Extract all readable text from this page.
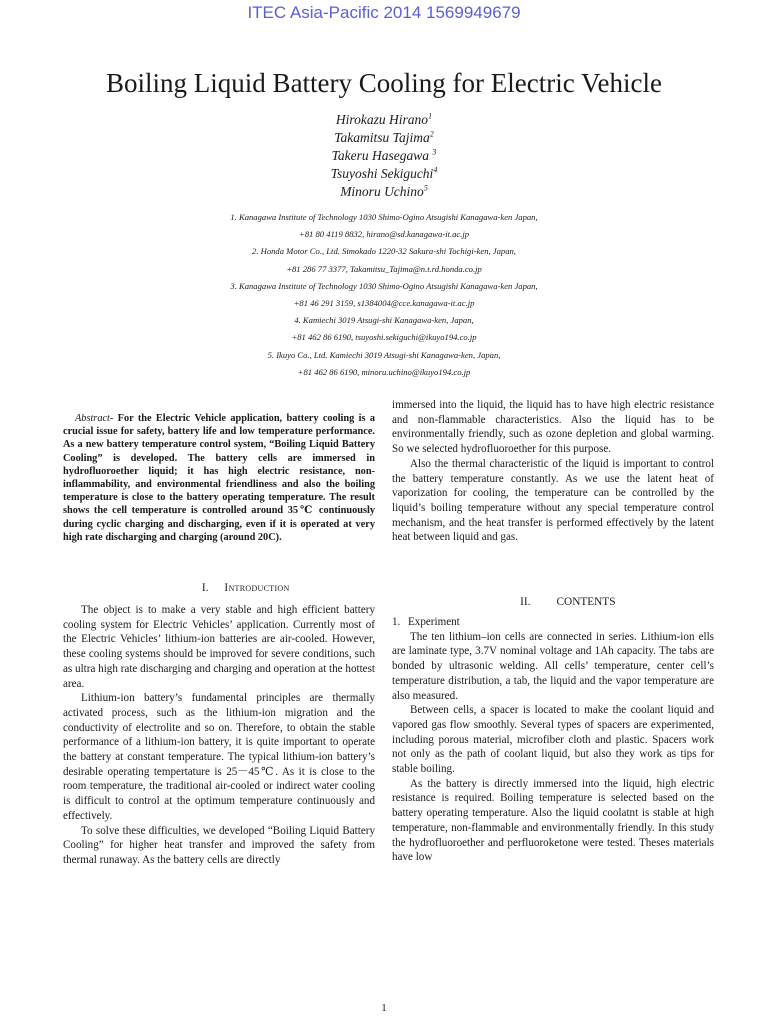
ITEC Asia-Pacific 2014 1569949679
Boiling Liquid Battery Cooling for Electric Vehicle
Hirokazu Hirano$^1$
Takamitsu Tajima$^2$
Takeru Hasegawa $^3$
Tsuyoshi Sekiguchi$^4$
Minoru Uchino$^5$
1. Kanagawa Institute of Technology 1030 Shimo-Ogino Atsugishi Kanagawa-ken Japan,
+81 80 4119 8832, hirano@sd.kanagawa-it.ac.jp
2. Honda Motor Co., Ltd. Simokado 1220-32 Sakura-shi Tochigi-ken, Japan,
+81 286 77 3377, Takamitsu_Tajima@n.t.rd.honda.co.jp
3. Kanagawa Institute of Technology 1030 Shimo-Ogino Atsugishi Kanagawa-ken Japan,
+81 46 291 3159, s1384004@cce.kanagawa-it.ac.jp
4. Kamiechi 3019 Atsugi-shi Kanagawa-ken, Japan,
+81 462 86 6190, tsuyoshi.sekiguchi@ikuyo194.co.jp
5. Ikuyo Co., Ltd. Kamiechi 3019 Atsugi-shi Kanagawa-ken, Japan,
+81 462 86 6190, minoru.uchino@ikuyo194.co.jp
Abstract- For the Electric Vehicle application, battery cooling is a crucial issue for safety, battery life and low temperature performance. As a new battery temperature control system, “Boiling Liquid Battery Cooling” is developed. The battery cells are immersed in hydrofluoroether liquid; it has high electric resistance, non-inflammability, and environmental friendliness and also the boiling temperature is close to the battery operating temperature. The result shows the cell temperature is controlled around 35℃ continuously during cyclic charging and discharging, even if it is operated at very high rate discharging and charging (around 20C).
I. Introduction

The object is to make a very stable and high efficient battery cooling system for Electric Vehicles’ application. Currently most of the Electric Vehicles’ lithium-ion batteries are air-cooled. However, these cooling systems should be improved for severe conditions, such as ultra high rate discharging and charging and operation at the hottest area.

Lithium-ion battery’s fundamental principles are thermally activated process, such as the lithium-ion migration and the conductivity of electrolite and so on. Therefore, to obtain the stable performance of a lithium-ion battery, it is quite important to operate the battery at constant temperature. The typical lithium-ion battery’s desirable operating tempertature is 25－45℃. As it is close to the room temperature, the traditional air-cooled or indirect water cooling is difficult to control at the optimum temperature continuously and effectively.

To solve these difficulties, we developed “Boiling Liquid Battery Cooling” for higher heat transfer and improved the safety from thermal runaway. As the battery cells are directly

immersed into the liquid, the liquid has to have high electric resistance and non-flammable characteristics. Also the liquid has to be environmentally friendly, such as ozone depletion and global warming. So we selected hydrofluoroether for this purpose.

Also the thermal characteristic of the liquid is important to control the battery temperature constantly. As we use the latent heat of vaporization for cooling, the temperature can be controlled by the liquid’s boiling temperature without any special temperature control mechanism, and the heat transfer is performed effectively by the latent heat between liquid and gas.

II. CONTENTS
1. Experiment

The ten lithium–ion cells are connected in series. Lithium-ion ells are laminate type, 3.7V nominal voltage and 1Ah capacity. The tabs are bonded by ultrasonic welding. All cells’ temperature, center cell’s temperature distribution, a tab, the liquid and the vapor temperature are also measured.

Between cells, a spacer is located to make the coolant liquid and vapored gas flow smoothly. Several types of spacers are experimented, including porous material, microfiber cloth and plastic. Spacers work not only as the path of coolant liquid, but also they work as tips for stable boiling.

As the battery is directly immersed into the liquid, high electric resistance is required. Boiling temperature is selected based on the battery operating temperature. Also the liquid coolatnt is stable at high temperature, non-flammable and environmentally friendly. In this study the hydrofluoroether and perfluoroketone were tested. Theses materials have low

1
